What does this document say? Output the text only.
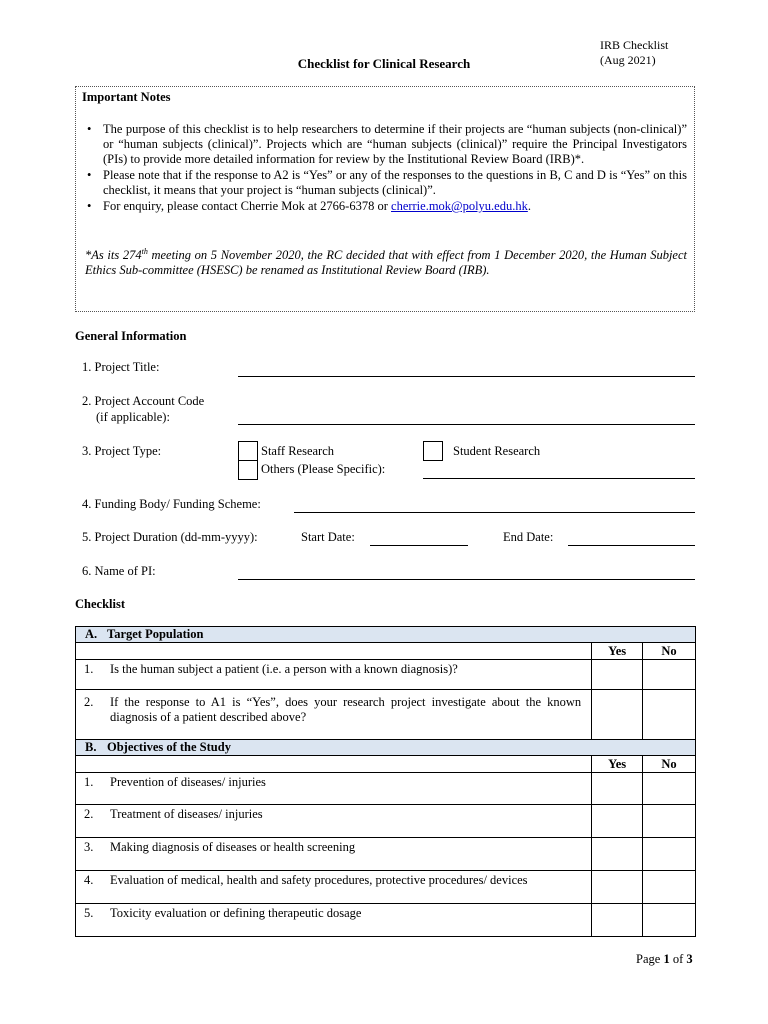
IRB Checklist
(Aug 2021)
Checklist for Clinical Research
Important Notes
• The purpose of this checklist is to help researchers to determine if their projects are “human subjects (non-clinical)” or “human subjects (clinical)”. Projects which are “human subjects (clinical)” require the Principal Investigators (PIs) to provide more detailed information for review by the Institutional Review Board (IRB)*.
• Please note that if the response to A2 is “Yes” or any of the responses to the questions in B, C and D is “Yes” on this checklist, it means that your project is “human subjects (clinical)”.
• For enquiry, please contact Cherrie Mok at 2766-6378 or cherrie.mok@polyu.edu.hk.
*As its 274th meeting on 5 November 2020, the RC decided that with effect from 1 December 2020, the Human Subject Ethics Sub-committee (HSESC) be renamed as Institutional Review Board (IRB).
General Information
1. Project Title:
2. Project Account Code
(if applicable):
3. Project Type:	Staff Research	Student Research
Others (Please Specific):
4. Funding Body/ Funding Scheme:
5. Project Duration (dd-mm-yyyy):	Start Date:	End Date:
6. Name of PI:
Checklist
A. Target Population		
	Yes	No

1. Is the human subject a patient (i.e. a person with a known diagnosis)?		

2. If the response to A1 is “Yes”, does your research project investigate about the known diagnosis of a patient described above?		

B. Objectives of the Study		
	Yes	No

1. Prevention of diseases/ injuries		

2. Treatment of diseases/ injuries		

3. Making diagnosis of diseases or health screening		

4. Evaluation of medical, health and safety procedures, protective procedures/ devices		

5. Toxicity evaluation or defining therapeutic dosage		

Page 1 of 3
